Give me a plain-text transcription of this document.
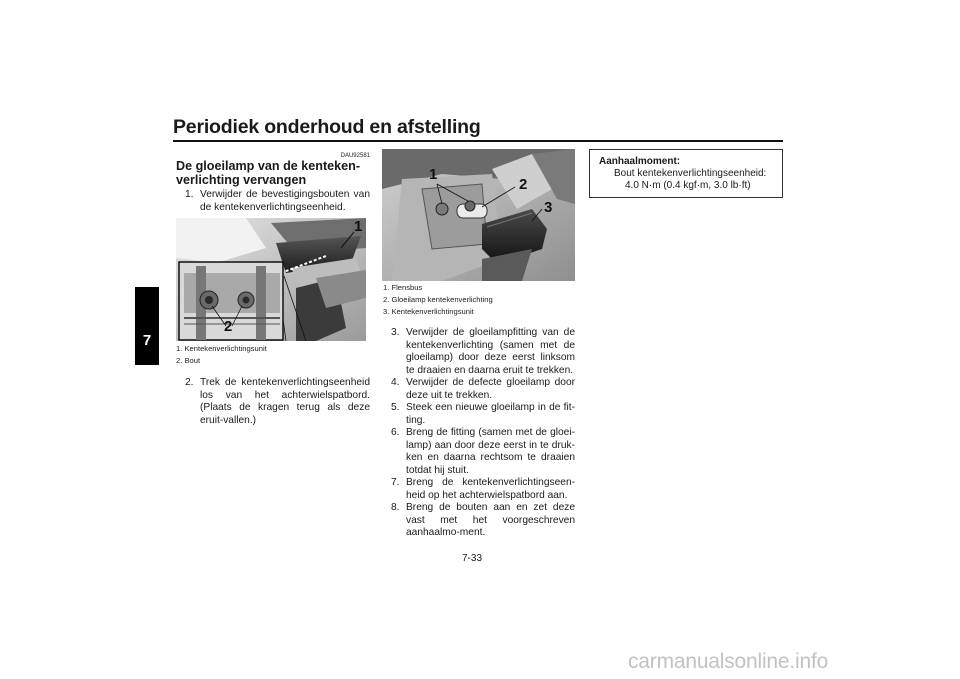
Periodiek onderhoud en afstelling
7
DAU92581
De gloeilamp van de kenteken-
verlichting vervangen
1. Verwijder de bevestigingsbouten van de kentekenverlichtingseenheid.
1
2
1. Kentekenverlichtingsunit
2. Bout
2. Trek de kentekenverlichtingseenheid los van het achterwielspatbord. (Plaats de kragen terug als deze eruit-vallen.)
1
2
3
1. Flensbus
2. Gloeilamp kentekenverlichting
3. Kentekenverlichtingsunit
3. Verwijder de gloeilampfitting van de kentekenverlichting (samen met de gloeilamp) door deze eerst linksom te draaien en daarna eruit te trekken.
4. Verwijder de defecte gloeilamp door deze uit te trekken.
5. Steek een nieuwe gloeilamp in de fit-ting.
6. Breng de fitting (samen met de gloei-lamp) aan door deze eerst in te druk-ken en daarna rechtsom te draaien totdat hij stuit.
7. Breng de kentekenverlichtingseen-heid op het achterwielspatbord aan.
8. Breng de bouten aan en zet deze vast met het voorgeschreven aanhaalmo-ment.
Aanhaalmoment:
Bout kentekenverlichtingseenheid:
4.0 N·m (0.4 kgf·m, 3.0 lb·ft)
7-33
carmanualsonline.info
